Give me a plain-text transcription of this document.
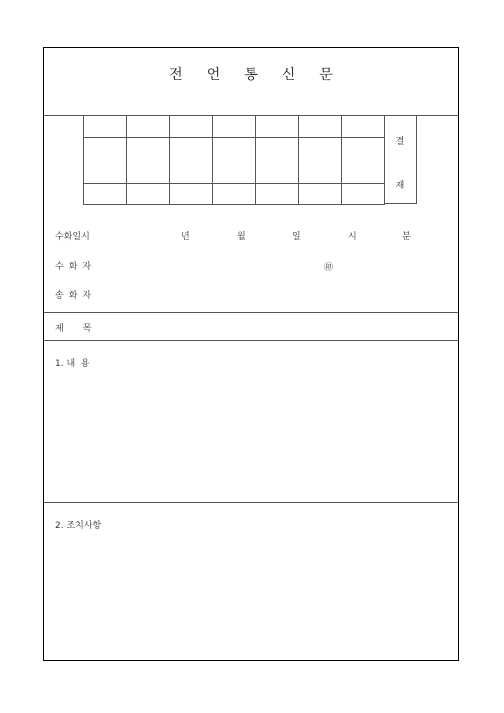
전 언 통 신 문

결
재
수화일시	년	월	일	시	분
수 화 자	㊞
송 화 자
제 목
1. 내  용
2. 조치사항
